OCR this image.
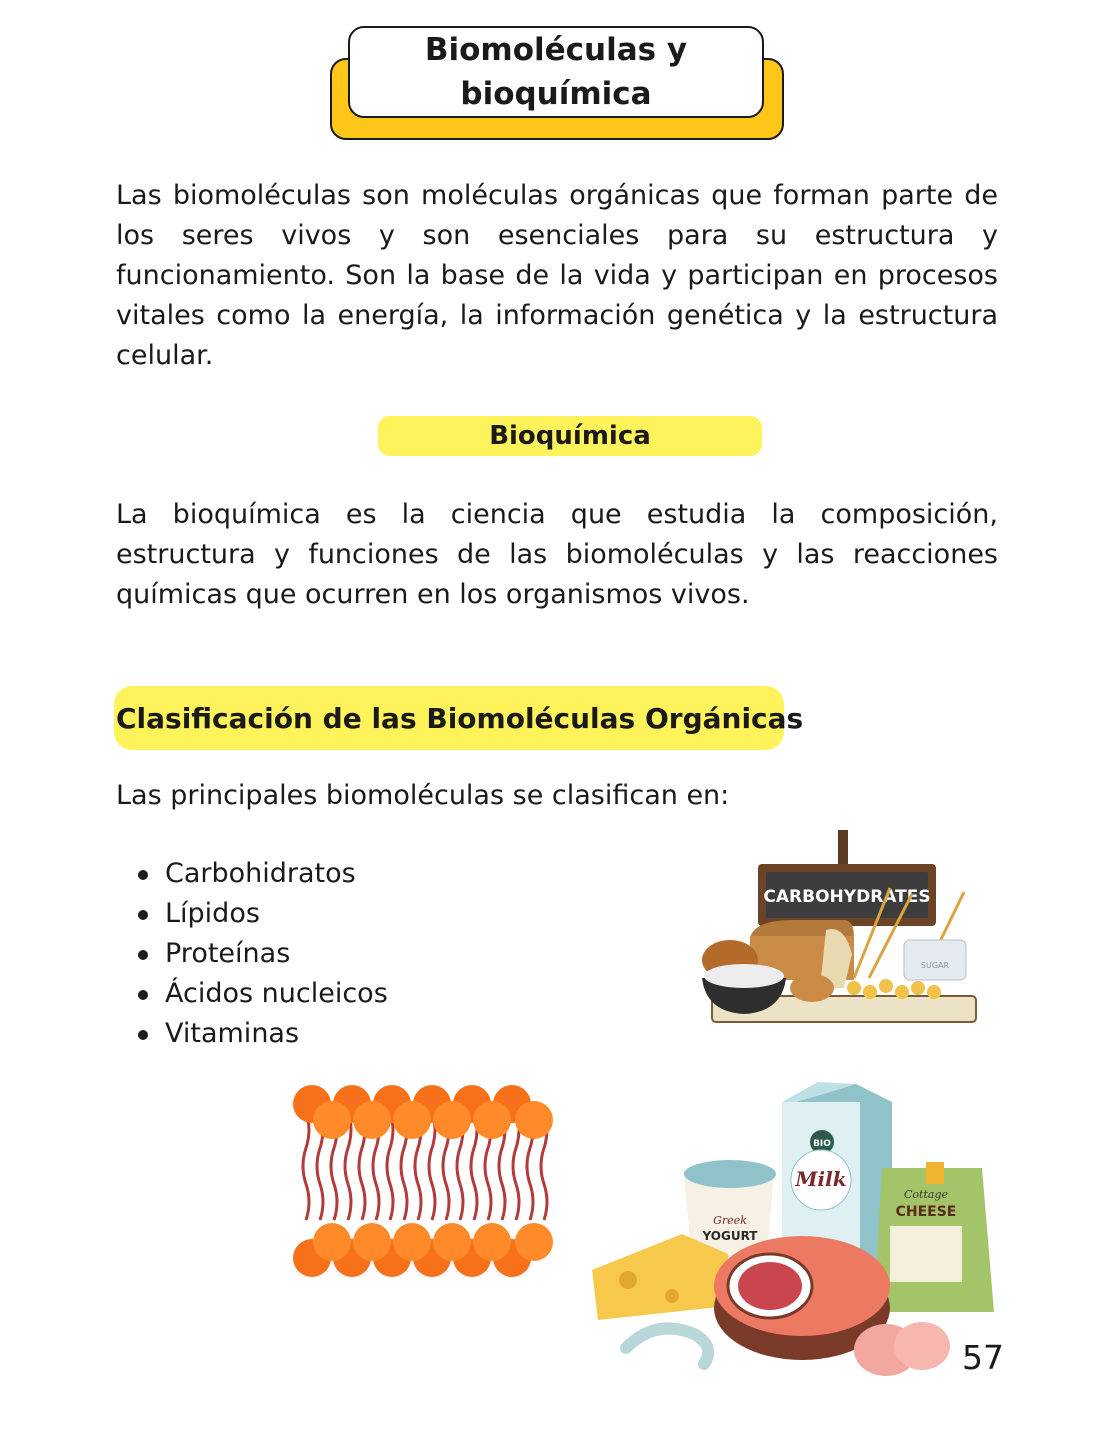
Biomoléculas y bioquímica

Las biomoléculas son moléculas orgánicas que forman parte de los seres vivos y son esenciales para su estructura y funcionamiento. Son la base de la vida y participan en procesos vitales como la energía, la información genética y la estructura celular.

Bioquímica

La bioquímica es la ciencia que estudia la composición, estructura y funciones de las biomoléculas y las reacciones químicas que ocurren en los organismos vivos.

Clasificación de las Biomoléculas Orgánicas

Las principales biomoléculas se clasifican en:

Carbohidratos
Lípidos
Proteínas
Ácidos nucleicos
Vitaminas
CARBOHYDRATES
SUGAR
BIO
Milk
Cottage
CHEESE
Greek
YOGURT
57
